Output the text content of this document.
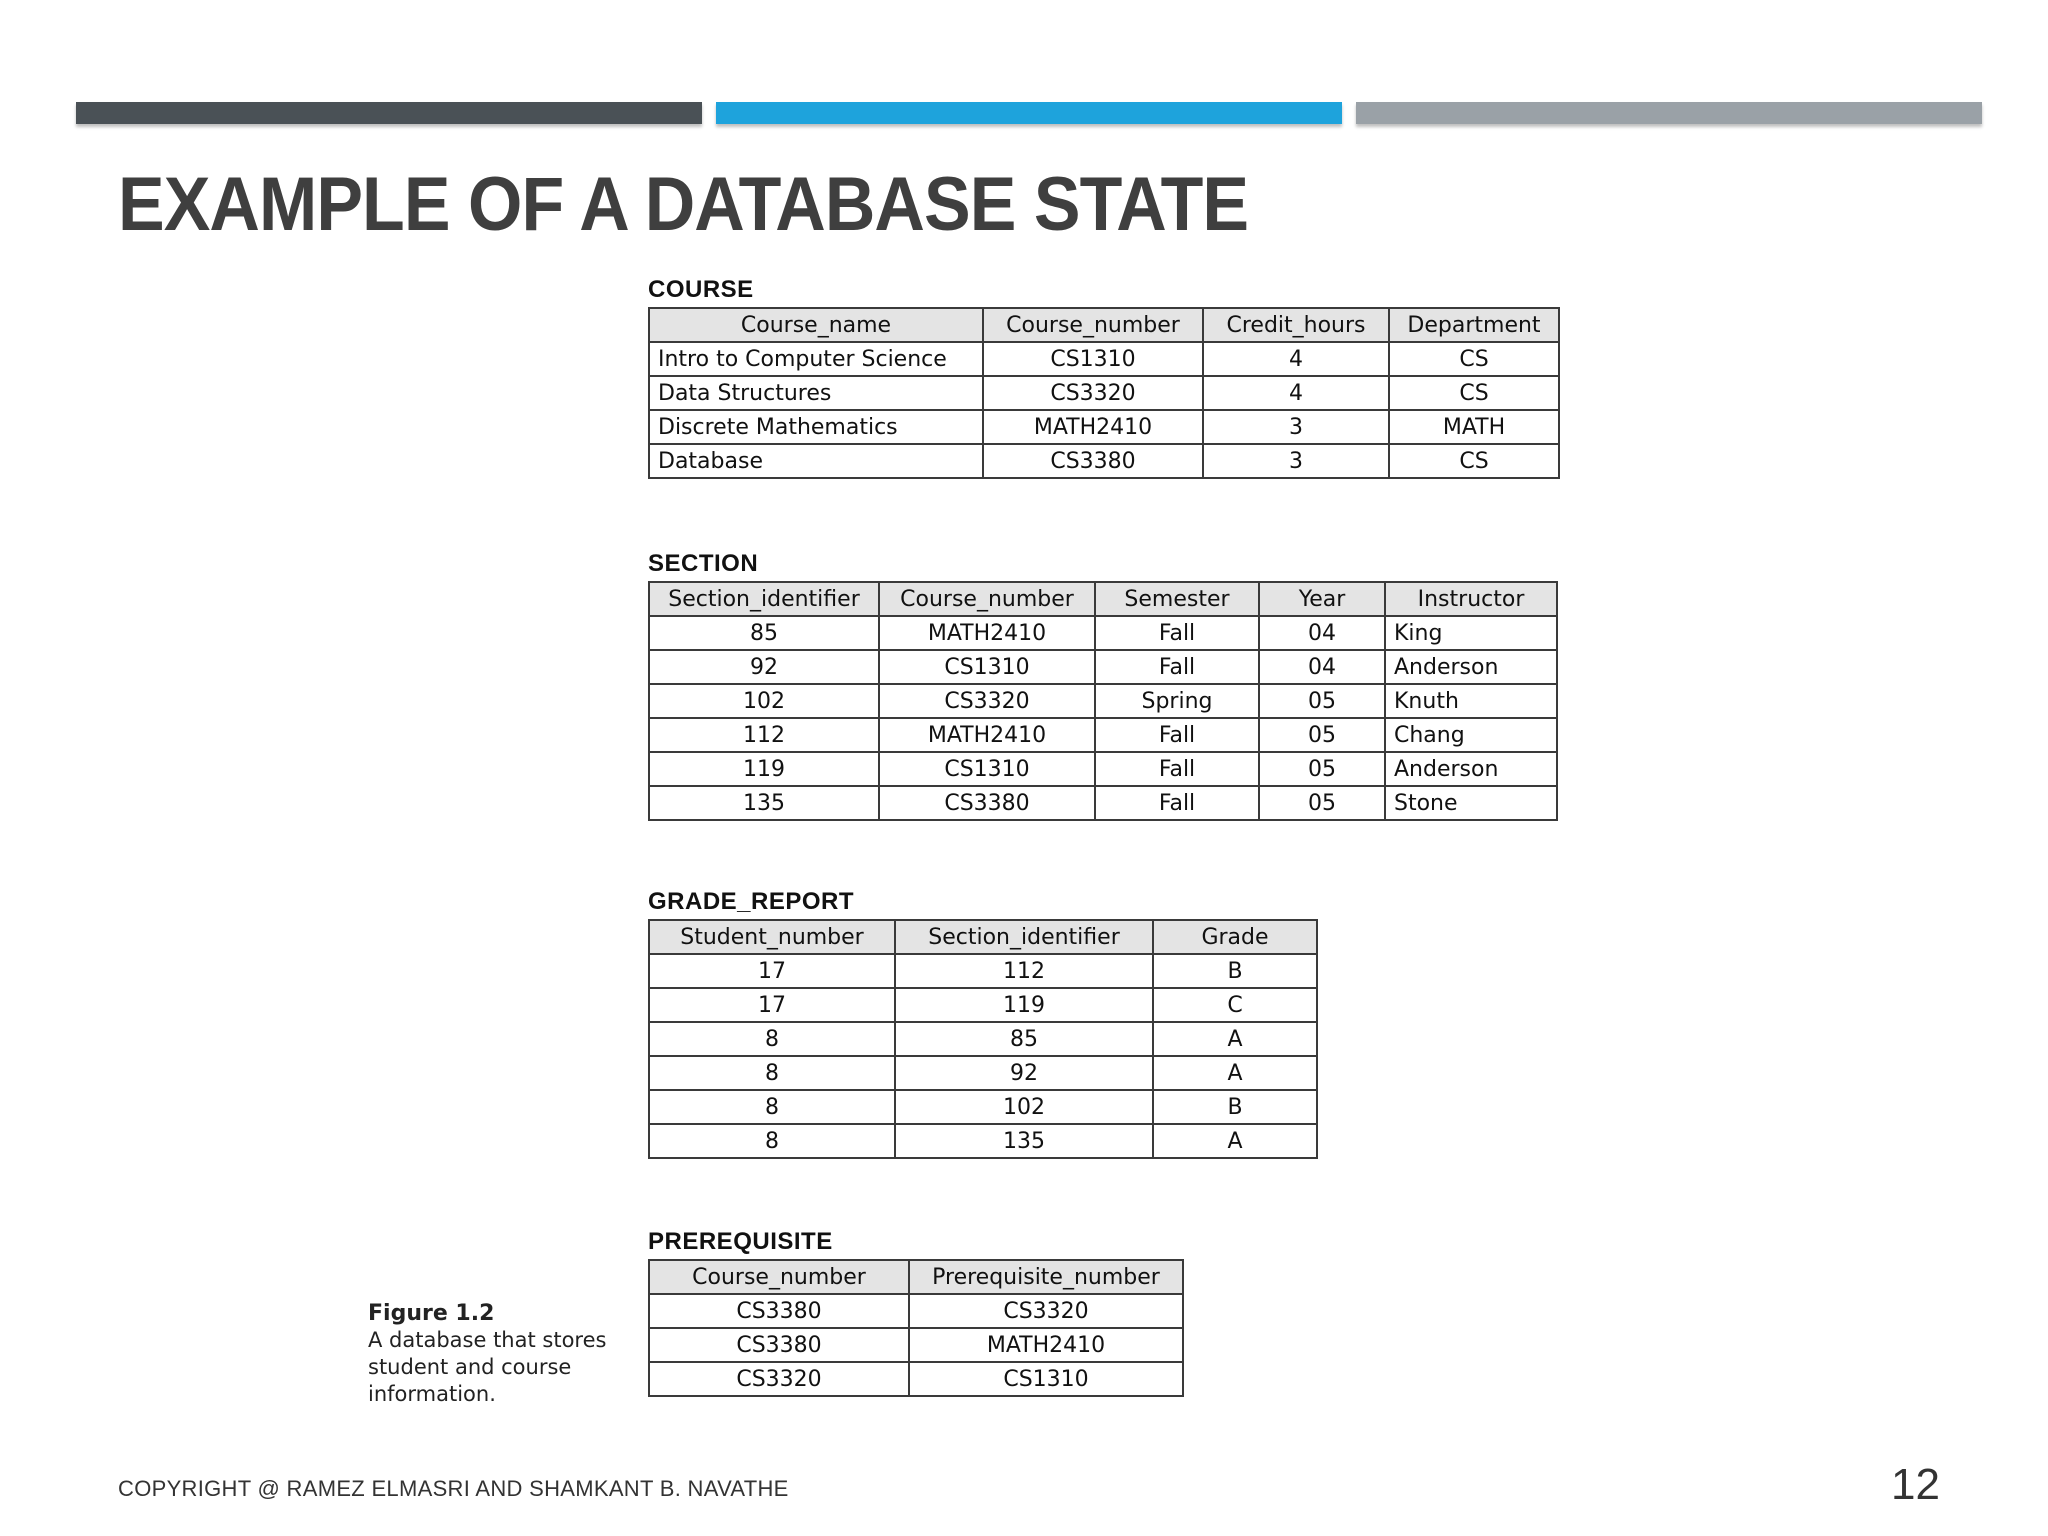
EXAMPLE OF A DATABASE STATE
COURSE
Course_name	Course_number	Credit_hours	Department
Intro to Computer Science	CS1310	4	CS
Data Structures	CS3320	4	CS
Discrete Mathematics	MATH2410	3	MATH
Database	CS3380	3	CS
SECTION
Section_identifier	Course_number	Semester	Year	Instructor
85	MATH2410	Fall	04	King
92	CS1310	Fall	04	Anderson
102	CS3320	Spring	05	Knuth
112	MATH2410	Fall	05	Chang
119	CS1310	Fall	05	Anderson
135	CS3380	Fall	05	Stone
GRADE_REPORT
Student_number	Section_identifier	Grade
17	112	B
17	119	C
8	85	A
8	92	A
8	102	B
8	135	A
PREREQUISITE
Course_number	Prerequisite_number
CS3380	CS3320
CS3380	MATH2410
CS3320	CS1310
Figure 1.2
A database that stores student and course information.
COPYRIGHT @ RAMEZ ELMASRI AND SHAMKANT B. NAVATHE	12
